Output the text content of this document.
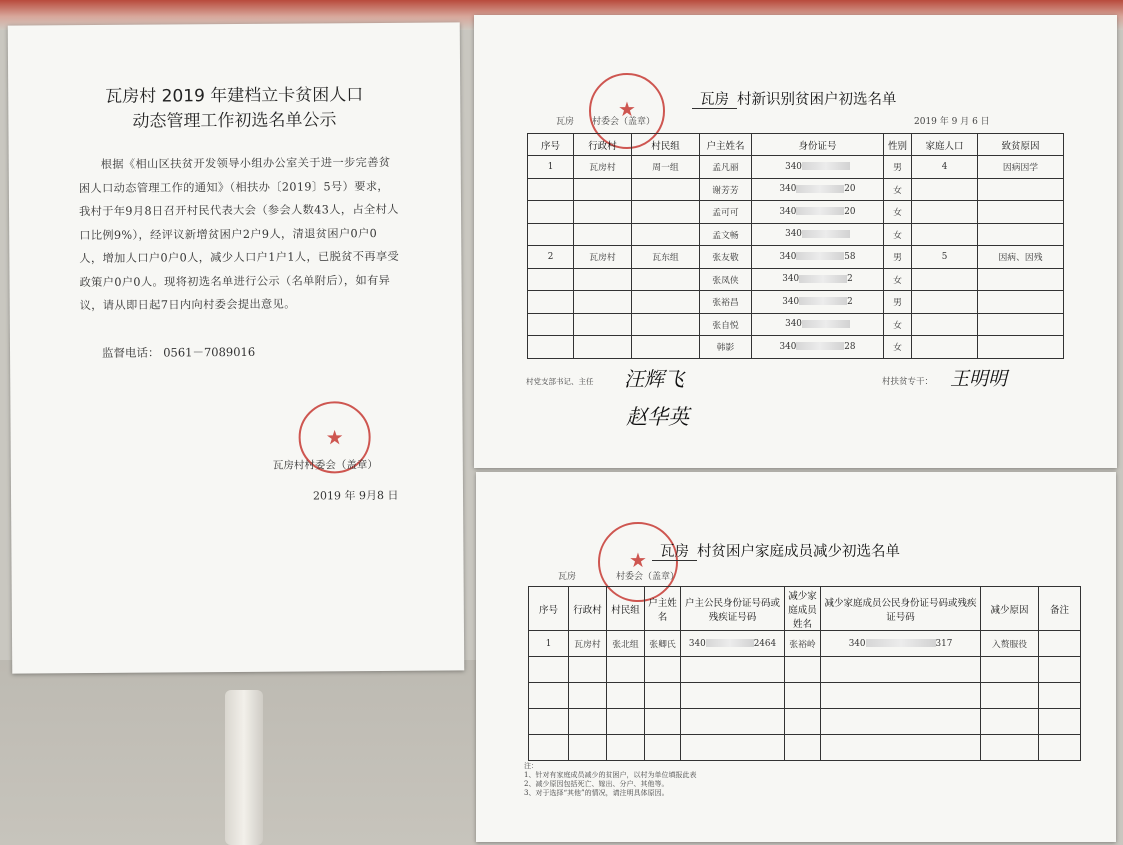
瓦房村 2019 年建档立卡贫困人口
动态管理工作初选名单公示
根据《相山区扶贫开发领导小组办公室关于进一步完善贫困人口动态管理工作的通知》（相扶办〔2019〕5号）要求，我村于年9月8日召开村民代表大会（参会人数43人，占全村人口比例9%），经评议新增贫困户2户9人，清退贫困户0户0人，增加人口户0户0人，减少人口户1户1人，已脱贫不再享受政策户0户0人。现将初选名单进行公示（名单附后），如有异议，请从即日起7日内向村委会提出意见。
监督电话： 0561－7089016
★
瓦房村村委会（盖章）
2019 年 9月8 日
★	瓦房 村新识别贫困户初选名单
瓦房 村委会（盖章）	2019 年 9 月 6 日
序号	行政村	村民组	户主姓名	身份证号	性别	家庭人口	致贫原因
1	瓦房村	周一组	孟凡丽	340	男	4	因病因学
			谢芳芳	340 20	女		
			孟可可	340 20	女		
			孟文畅	340	女		
2	瓦房村	瓦东组	张友敬	340 58	男	5	因病、因残
			张凤侠	340 2	女		
			张裕昌	340 2	男		
			张自悦	340	女		
			韩影	340 28	女		
村党支部书记、主任	村扶贫专干：
汪辉飞
赵华英
王明明
★ 瓦房 村贫困户家庭成员减少初选名单
瓦房	村委会（盖章）
序号	行政村	村民组	户主姓名	户主公民身份证号码或残疾证号码	减少家庭成员姓名	减少家庭成员公民身份证号码或残疾证号码	减少原因	备注
1	瓦房村	张北组	张卿氏	340 2464	张裕岭	340 317	入赘服役	

注：
1、针对有家庭成员减少的贫困户，以村为单位填报此表
2、减少原因包括死亡、嫁出、分户、其他等。
3、对于选择“其他”的情况，请注明具体原因。
